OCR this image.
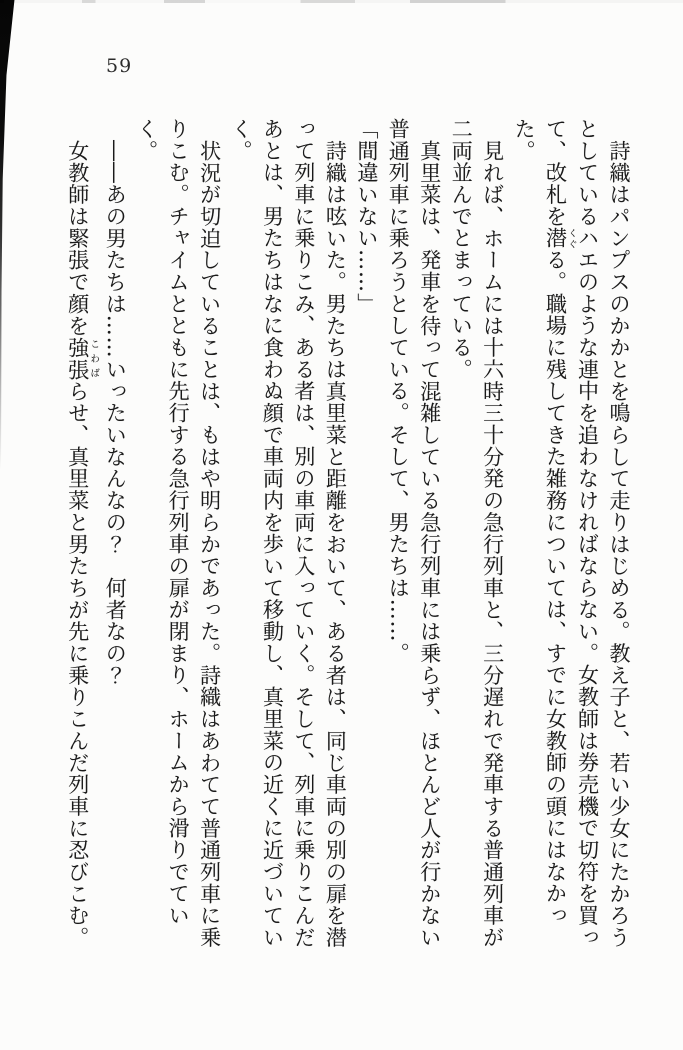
59

詩織はパンプスのかかとを鳴らして走りはじめる。教え子と、若い少女にたかろうとしているハエのような連中を追わなければならない。女教師は券売機で切符を買って、改札を潜くぐる。職場に残してきた雑務については、すでに女教師の頭にはなかった。

見れば、ホームには十六時三十分発の急行列車と、三分遅れで発車する普通列車が二両並んでとまっている。

真里菜は、発車を待って混雑している急行列車には乗らず、ほとんど人が行かない普通列車に乗ろうとしている。そして、男たちは……。

「間違いない……」

詩織は呟いた。男たちは真里菜と距離をおいて、ある者は、同じ車両の別の扉を潜って列車に乗りこみ、ある者は、別の車両に入っていく。そして、列車に乗りこんだあとは、男たちはなに食わぬ顔で車両内を歩いて移動し、真里菜の近くに近づいていく。

状況が切迫していることは、もはや明らかであった。詩織はあわてて普通列車に乗りこむ。チャイムとともに先行する急行列車の扉が閉まり、ホームから滑りでていく。

――あの男たちは……いったいなんなの？　何者なの？

女教師は緊張で顔を強張こわばらせ、真里菜と男たちが先に乗りこんだ列車に忍びこむ。
